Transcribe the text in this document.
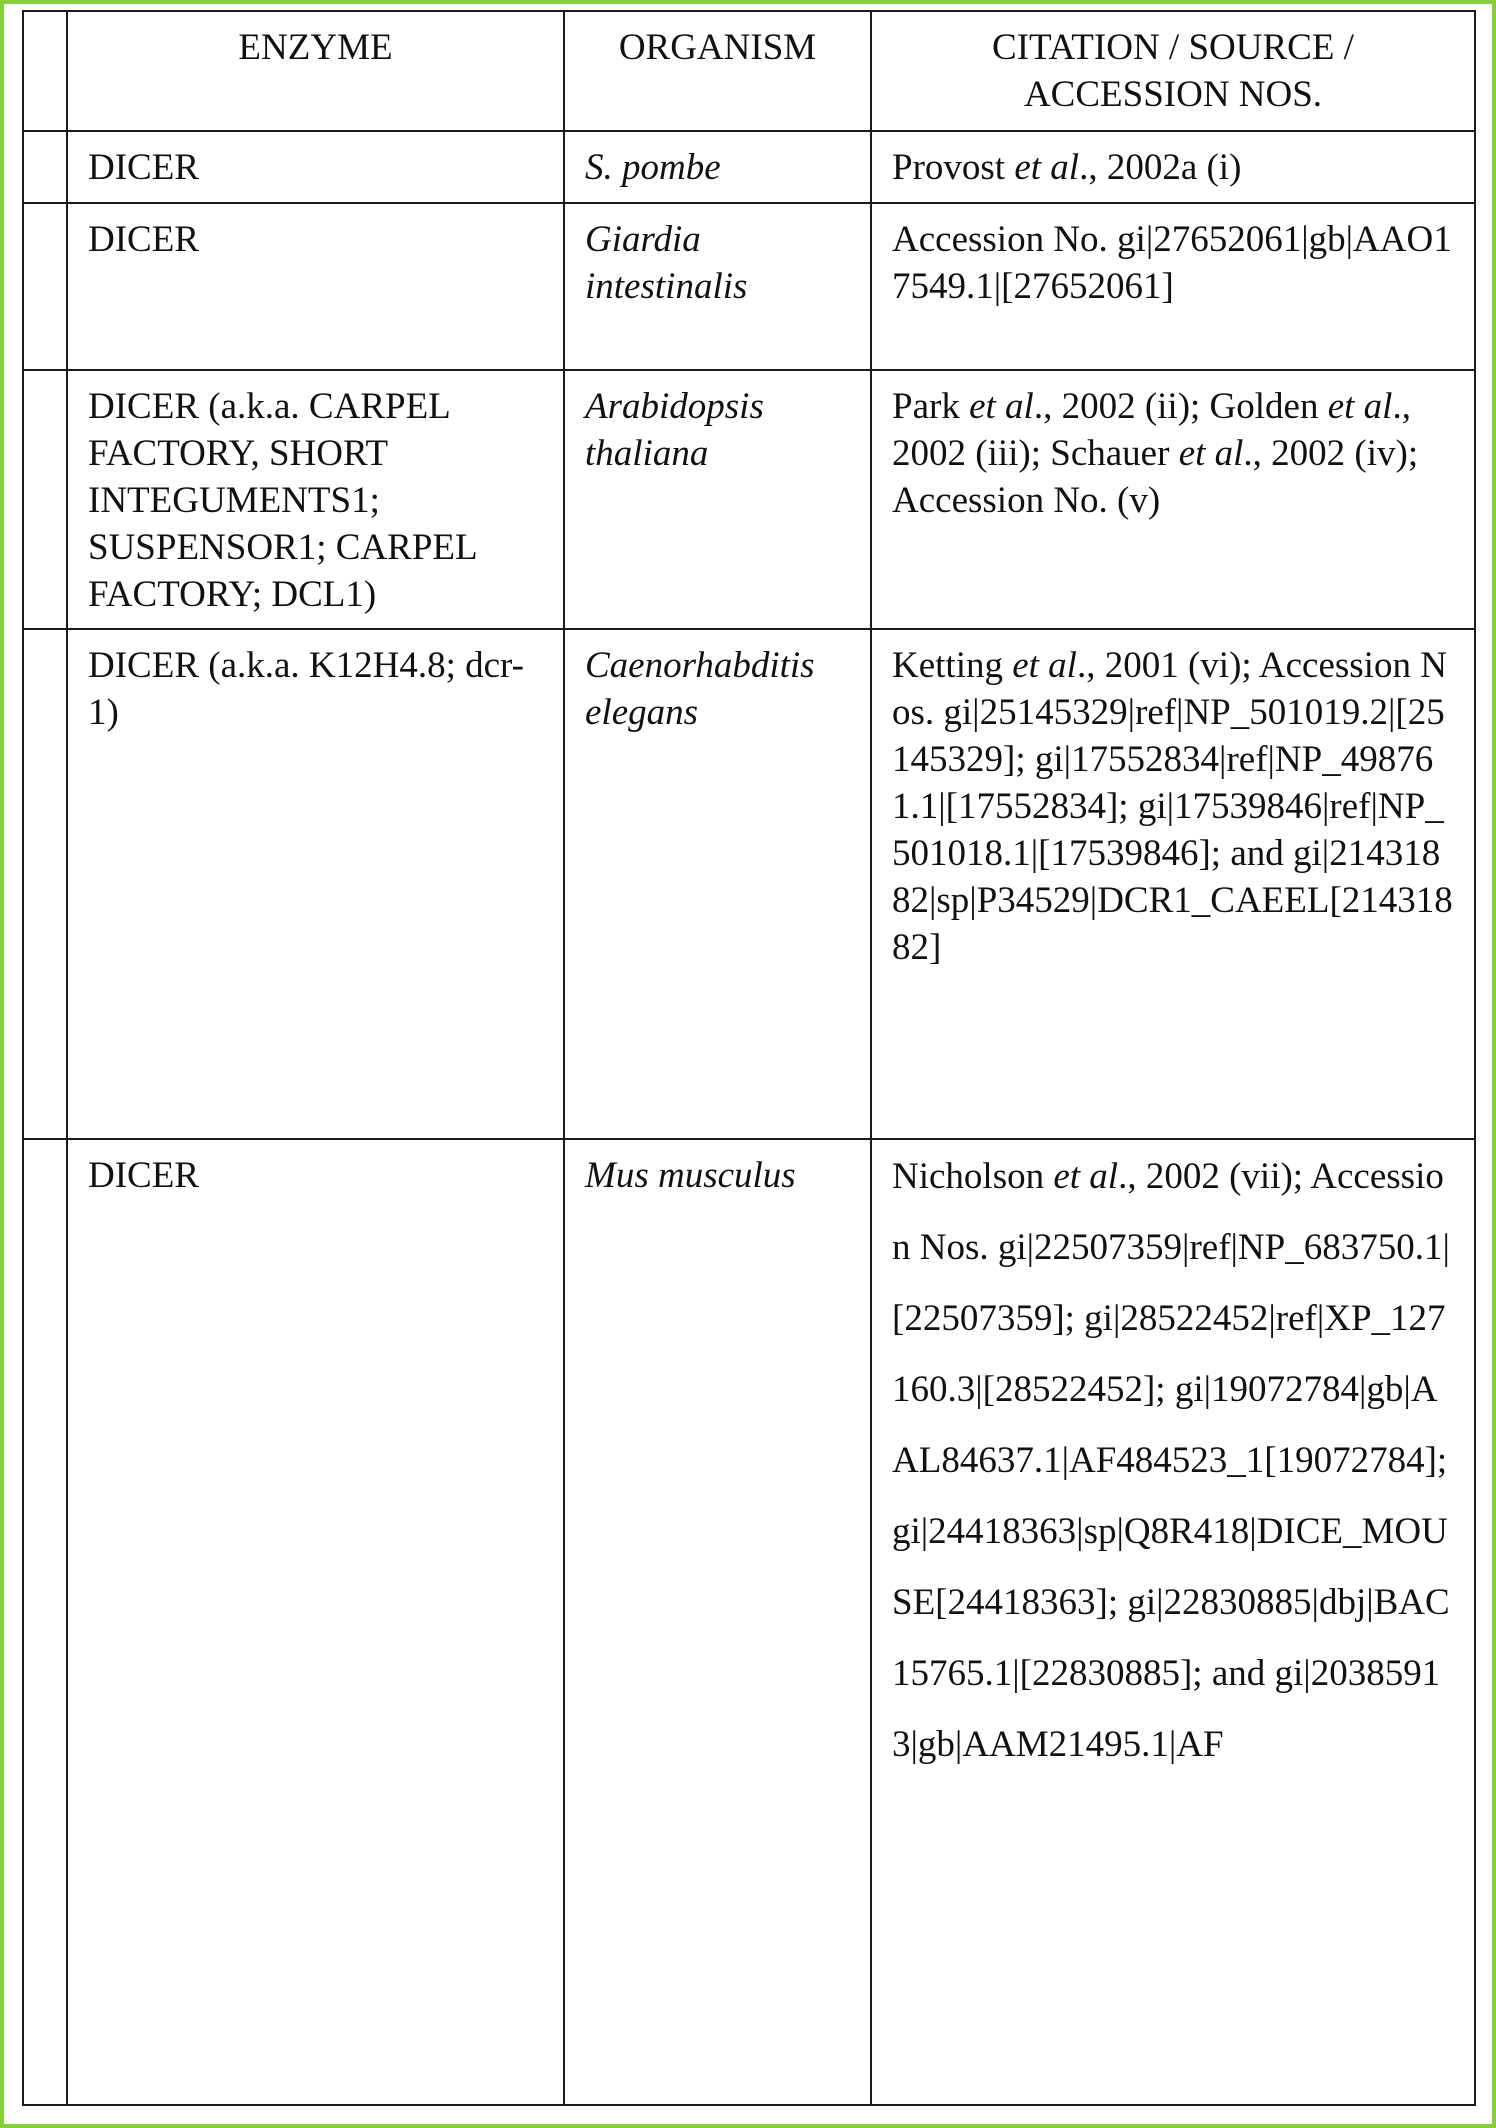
	ENZYME	ORGANISM	CITATION / SOURCE / ACCESSION NOS.
	DICER	S. pombe	Provost et al., 2002a (i)
	DICER	Giardia intestinalis	Accession No. gi|27652061|gb|AAO17549.1|[27652061]
	DICER (a.k.a. CARPEL FACTORY, SHORT INTEGUMENTS1; SUSPENSOR1; CARPEL FACTORY; DCL1)	Arabidopsis thaliana	Park et al., 2002 (ii); Golden et al., 2002 (iii); Schauer et al., 2002 (iv); Accession No. (v)
	DICER (a.k.a. K12H4.8; dcr-1)	Caenorhabditis elegans	Ketting et al., 2001 (vi); Accession Nos. gi|25145329|ref|NP_501019.2|[25145329]; gi|17552834|ref|NP_498761.1|[17552834]; gi|17539846|ref|NP_501018.1|[17539846]; and gi|21431882|sp|P34529|DCR1_CAEEL[21431882]
	DICER	Mus musculus	Nicholson et al., 2002 (vii); Accession Nos. gi|22507359|ref|NP_683750.1|[22507359]; gi|28522452|ref|XP_127160.3|[28522452]; gi|19072784|gb|AAL84637.1|AF484523_1[19072784]; gi|24418363|sp|Q8R418|DICE_MOUSE[24418363]; gi|22830885|dbj|BAC15765.1|[22830885]; and gi|20385913|gb|AAM21495.1|AF
